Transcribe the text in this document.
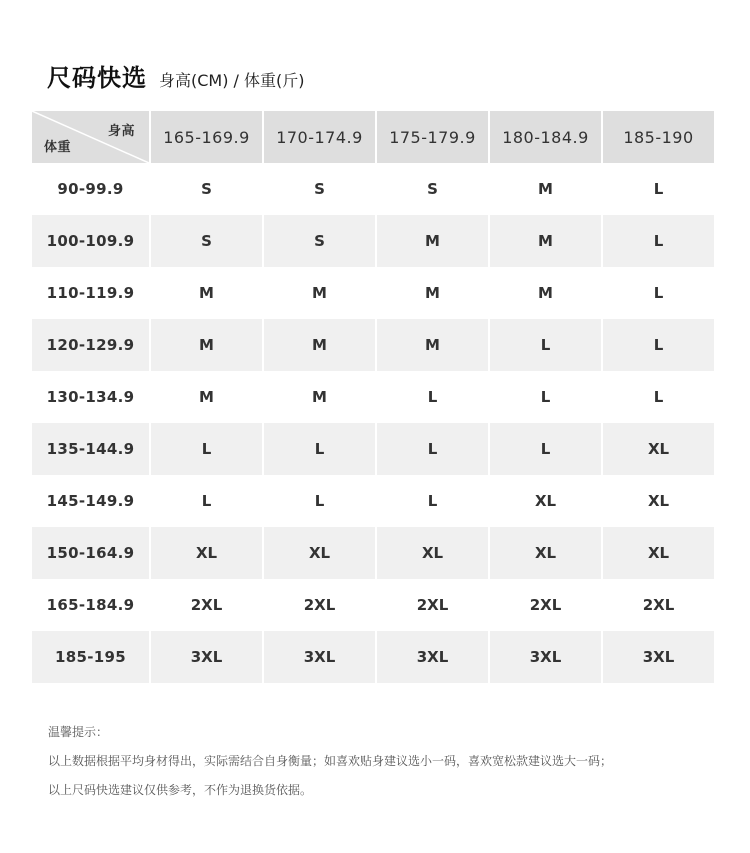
尺码快选 身高(CM) / 体重(斤)
身高
体重	165-169.9	170-174.9	175-179.9	180-184.9	185-190
90-99.9	S	S	S	M	L
100-109.9	S	S	M	M	L
110-119.9	M	M	M	M	L
120-129.9	M	M	M	L	L
130-134.9	M	M	L	L	L
135-144.9	L	L	L	L	XL
145-149.9	L	L	L	XL	XL
150-164.9	XL	XL	XL	XL	XL
165-184.9	2XL	2XL	2XL	2XL	2XL
185-195	3XL	3XL	3XL	3XL	3XL
温馨提示：
以上数据根据平均身材得出，实际需结合自身衡量；如喜欢贴身建议选小一码，喜欢宽松款建议选大一码；
以上尺码快选建议仅供参考，不作为退换货依据。
